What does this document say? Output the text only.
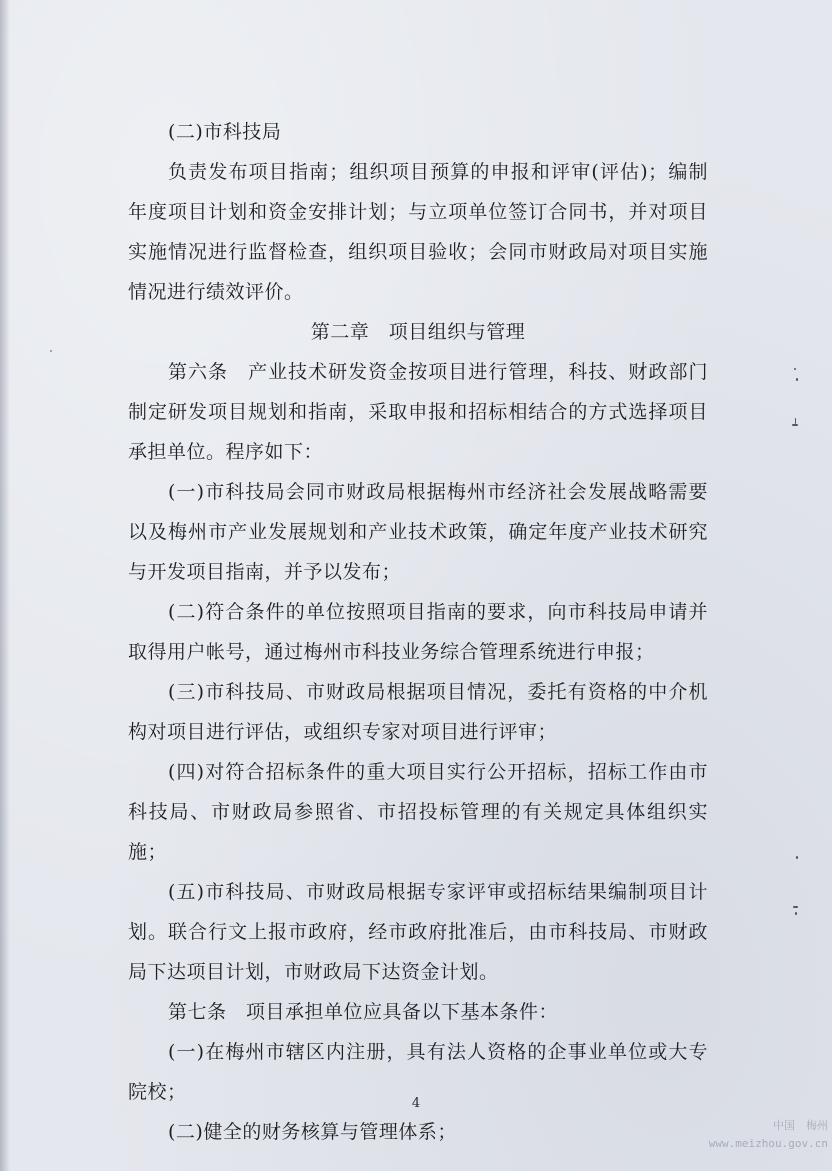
(二)市科技局

负责发布项目指南；组织项目预算的申报和评审(评估)；编制年度项目计划和资金安排计划；与立项单位签订合同书，并对项目实施情况进行监督检查，组织项目验收；会同市财政局对项目实施情况进行绩效评价。

第二章　项目组织与管理

第六条　产业技术研发资金按项目进行管理，科技、财政部门制定研发项目规划和指南，采取申报和招标相结合的方式选择项目承担单位。程序如下：

(一)市科技局会同市财政局根据梅州市经济社会发展战略需要以及梅州市产业发展规划和产业技术政策，确定年度产业技术研究与开发项目指南，并予以发布；

(二)符合条件的单位按照项目指南的要求，向市科技局申请并取得用户帐号，通过梅州市科技业务综合管理系统进行申报；

(三)市科技局、市财政局根据项目情况，委托有资格的中介机构对项目进行评估，或组织专家对项目进行评审；

(四)对符合招标条件的重大项目实行公开招标，招标工作由市科技局、市财政局参照省、市招投标管理的有关规定具体组织实施；

(五)市科技局、市财政局根据专家评审或招标结果编制项目计划。联合行文上报市政府，经市政府批准后，由市科技局、市财政局下达项目计划，市财政局下达资金计划。

第七条　项目承担单位应具备以下基本条件：

(一)在梅州市辖区内注册，具有法人资格的企事业单位或大专院校；

(二)健全的财务核算与管理体系；

4
中国　梅州
www.meizhou.gov.cn
